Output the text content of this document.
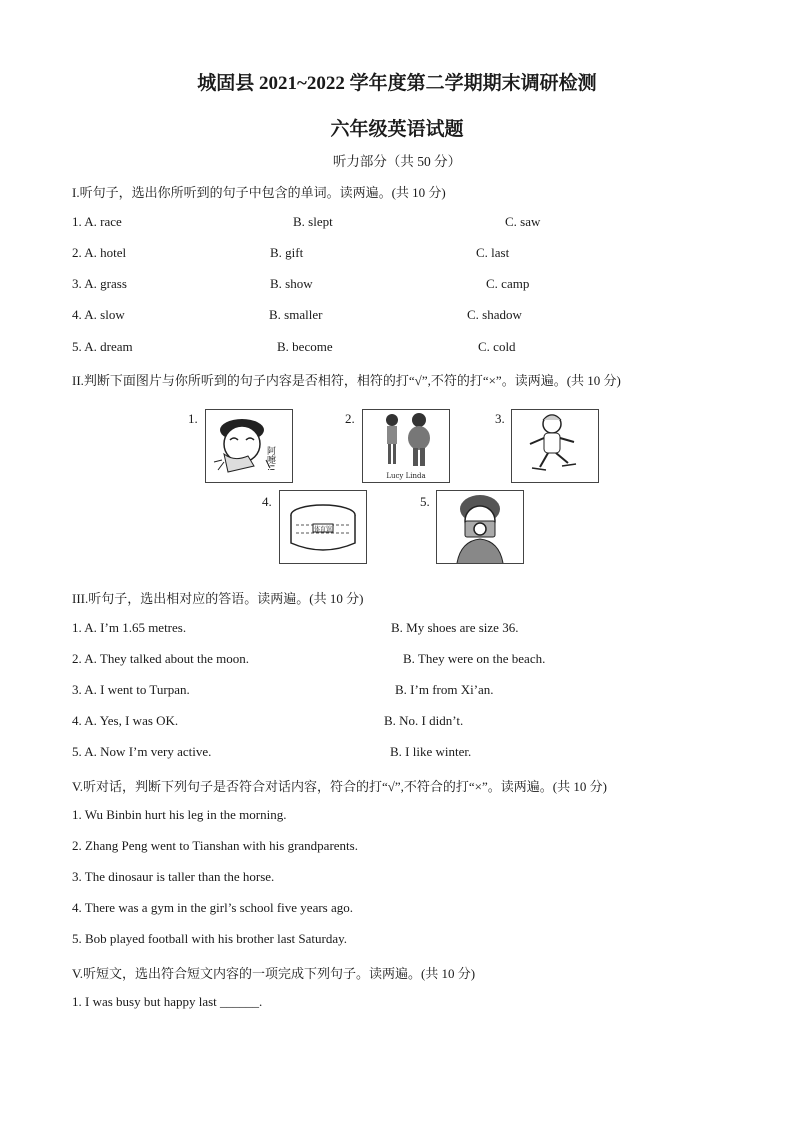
城固县 2021~2022 学年度第二学期期末调研检测
六年级英语试题
听力部分（共 50 分）
I.听句子，选出你所听到的句子中包含的单词。读两遍。(共 10 分)
1. A. race	B. slept	C. saw
2. A. hotel	B. gift	C. last
3. A. grass	B. show	C. camp
4. A. slow	B. smaller	C. shadow
5. A. dream	B. become	C. cold
II.判断下面图片与你所听到的句子内容是否相符，相符的打“√”,不符的打“×”。读两遍。(共 10 分)
1.
阿嚏!!
2.
Lucy Linda
3.
4.
体育馆
5.
III.听句子，选出相对应的答语。读两遍。(共 10 分)
1. A. I’m 1.65 metres.	B. My shoes are size 36.
2. A. They talked about the moon.	B. They were on the beach.
3. A. I went to Turpan.	B. I’m from Xi’an.
4. A. Yes, I was OK.	B. No. I didn’t.
5. A. Now I’m very active.	B. I like winter.
V.听对话，判断下列句子是否符合对话内容，符合的打“√”,不符合的打“×”。读两遍。(共 10 分)
1. Wu Binbin hurt his leg in the morning.
2. Zhang Peng went to Tianshan with his grandparents.
3. The dinosaur is taller than the horse.
4. There was a gym in the girl’s school five years ago.
5. Bob played football with his brother last Saturday.
V.听短文，选出符合短文内容的一项完成下列句子。读两遍。(共 10 分)
1. I was busy but happy last ______.
